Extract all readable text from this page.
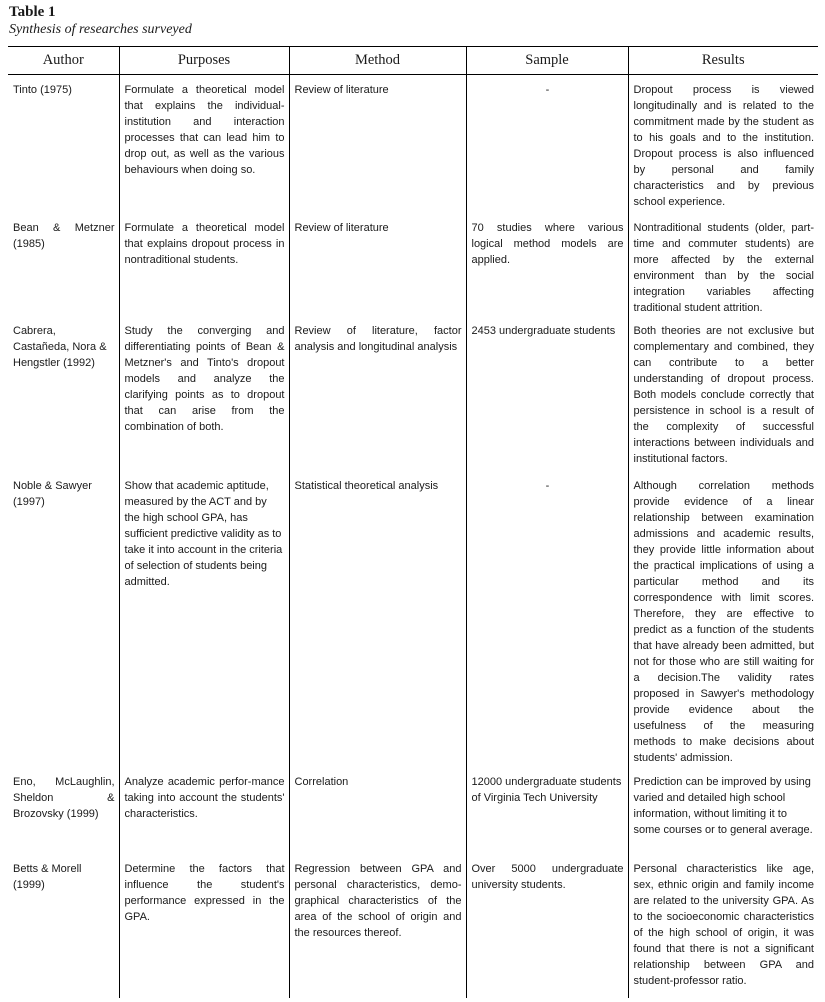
Table 1
Synthesis of researches surveyed
Author	Purposes	Method	Sample	Results
Tinto (1975)	Formulate a theoretical model that explains the individual-institution and interaction processes that can lead him to drop out, as well as the various behaviours when doing so.	Review of literature	-	Dropout process is viewed longitudinally and is related to the commitment made by the student as to his goals and to the institution. Dropout process is also influenced by personal and family characteristics and by previous school experience.
Bean & Metzner (1985)	Formulate a theoretical model that explains dropout process in nontraditional students.	Review of literature	70 studies where various logical method models are applied.	Nontraditional students (older, part-time and commuter students) are more affected by the external environment than by the social integration variables affecting traditional student attrition.
Cabrera, Castañeda, Nora & Hengstler (1992)	Study the converging and differentiating points of Bean & Metzner's and Tinto's dropout models and analyze the clarifying points as to dropout that can arise from the combination of both.	Review of literature, factor analysis and longitudinal analysis	2453 undergraduate students	Both theories are not exclusive but complementary and combined, they can contribute to a better understanding of dropout process. Both models conclude correctly that persistence in school is a result of the complexity of successful interactions between individuals and institutional factors.
Noble & Sawyer (1997)	Show that academic aptitude, measured by the ACT and by the high school GPA, has sufficient predictive validity as to take it into account in the criteria of selection of students being admitted.	Statistical theoretical analysis	-	Although correlation methods provide evidence of a linear relationship between examination admissions and academic results, they provide little information about the practical implications of using a particular method and its correspondence with limit scores. Therefore, they are effective to predict as a function of the students that have already been admitted, but not for those who are still waiting for a decision.The validity rates proposed in Sawyer's methodology provide evidence about the usefulness of the measuring methods to make decisions about students' admission.
Eno, McLaughlin, Sheldon & Brozovsky (1999)	Analyze academic perfor-mance taking into account the students' characteristics.	Correlation	12000 undergraduate students of Virginia Tech University	Prediction can be improved by using varied and detailed high school information, without limiting it to some courses or to general average.
Betts & Morell (1999)	Determine the factors that influence the student's performance expressed in the GPA.	Regression between GPA and personal characteristics, demo-graphical characteristics of the area of the school of origin and the resources thereof.	Over 5000 undergraduate university students.	Personal characteristics like age, sex, ethnic origin and family income are related to the university GPA. As to the socioeconomic characteristics of the high school of origin, it was found that there is not a significant relationship between GPA and student-professor ratio.
